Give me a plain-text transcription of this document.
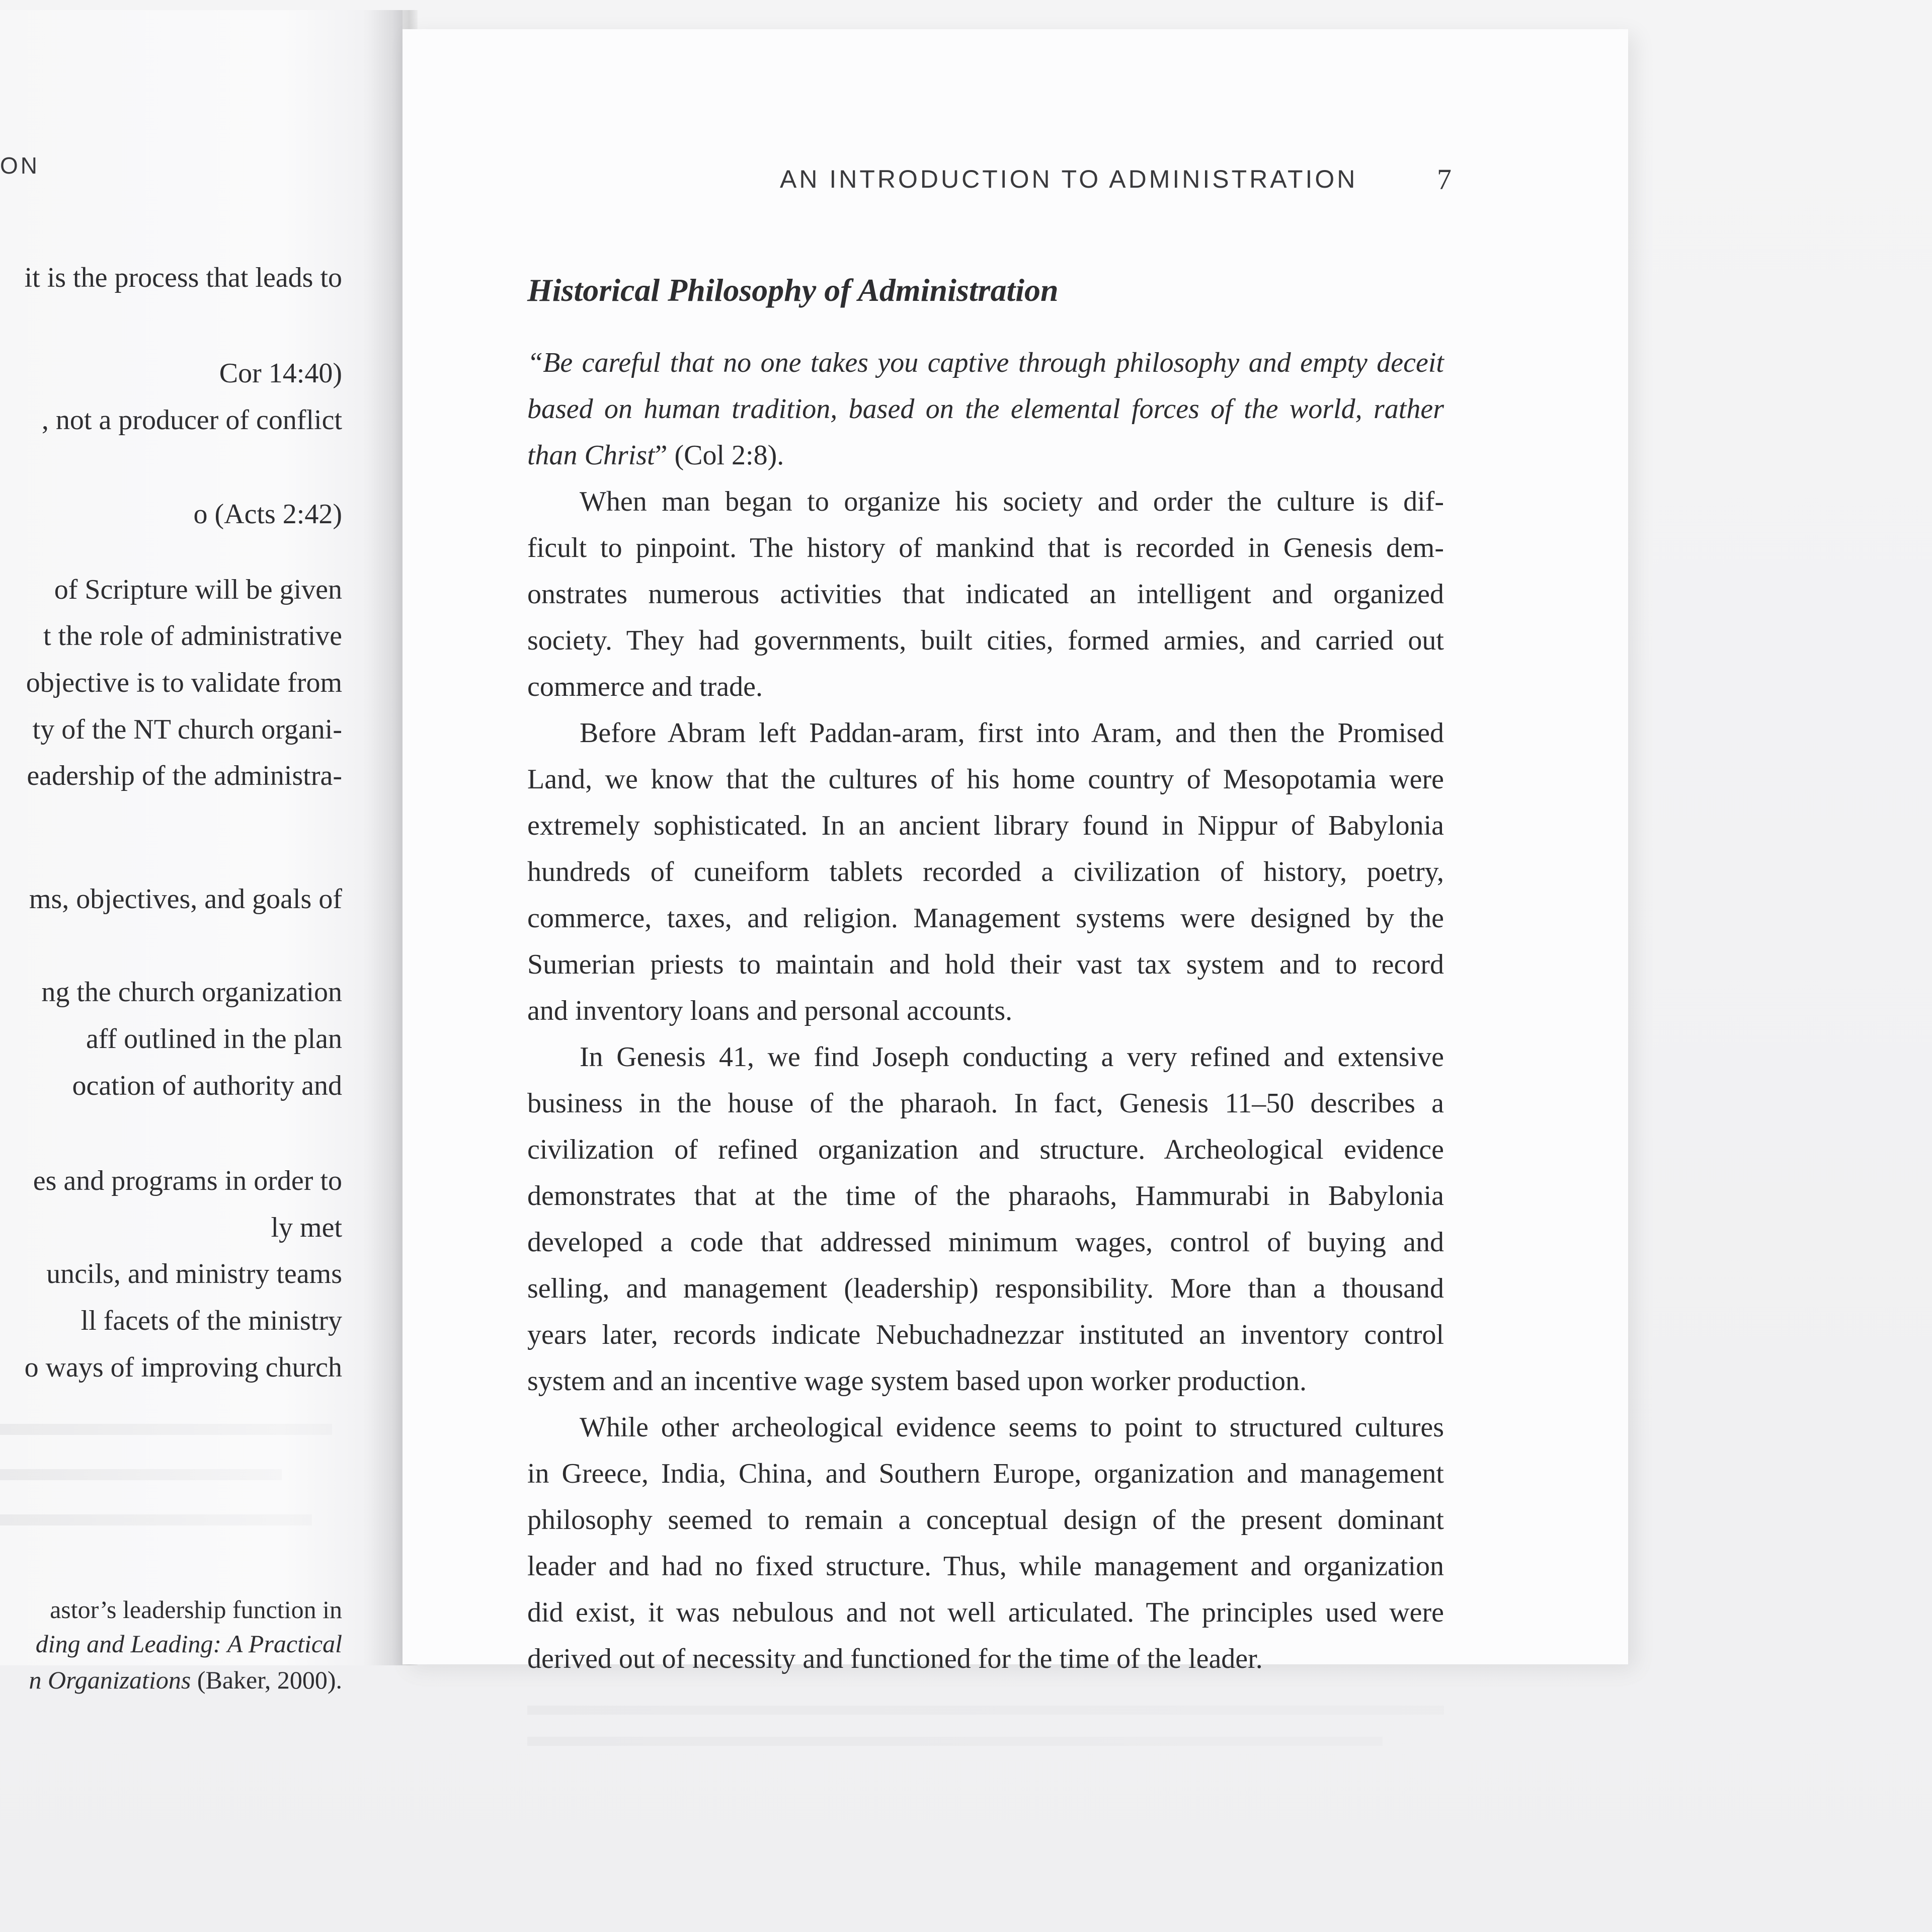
ON
it is the process that leads to
Cor 14:40)
, not a producer of conflict
o (Acts 2:42)
of Scripture will be given
t the role of administrative
objective is to validate from
ty of the NT church organi-
eadership of the administra-
ms, objectives, and goals of
ng the church organization
aff outlined in the plan
ocation of authority and
es and programs in order to
ly met
uncils, and ministry teams
ll facets of the ministry
o ways of improving church
astor’s leadership function in
ding and Leading: A Practical
n Organizations (Baker, 2000).
AN INTRODUCTION TO ADMINISTRATION	7
Historical Philosophy of Administration
“Be careful that no one takes you captive through philosophy and empty deceit
based on human tradition, based on the elemental forces of the world, rather
than Christ” (Col 2:8).
When man began to organize his society and order the culture is dif-
ficult to pinpoint. The history of mankind that is recorded in Genesis dem-
onstrates numerous activities that indicated an intelligent and organized
society. They had governments, built cities, formed armies, and carried out
commerce and trade.
Before Abram left Paddan-aram, first into Aram, and then the Promised
Land, we know that the cultures of his home country of Mesopotamia were
extremely sophisticated. In an ancient library found in Nippur of Babylonia
hundreds of cuneiform tablets recorded a civilization of history, poetry,
commerce, taxes, and religion. Management systems were designed by the
Sumerian priests to maintain and hold their vast tax system and to record
and inventory loans and personal accounts.
In Genesis 41, we find Joseph conducting a very refined and extensive
business in the house of the pharaoh. In fact, Genesis 11–50 describes a
civilization of refined organization and structure. Archeological evidence
demonstrates that at the time of the pharaohs, Hammurabi in Babylonia
developed a code that addressed minimum wages, control of buying and
selling, and management (leadership) responsibility. More than a thousand
years later, records indicate Nebuchadnezzar instituted an inventory control
system and an incentive wage system based upon worker production.
While other archeological evidence seems to point to structured cultures
in Greece, India, China, and Southern Europe, organization and management
philosophy seemed to remain a conceptual design of the present dominant
leader and had no fixed structure. Thus, while management and organization
did exist, it was nebulous and not well articulated. The principles used were
derived out of necessity and functioned for the time of the leader.
